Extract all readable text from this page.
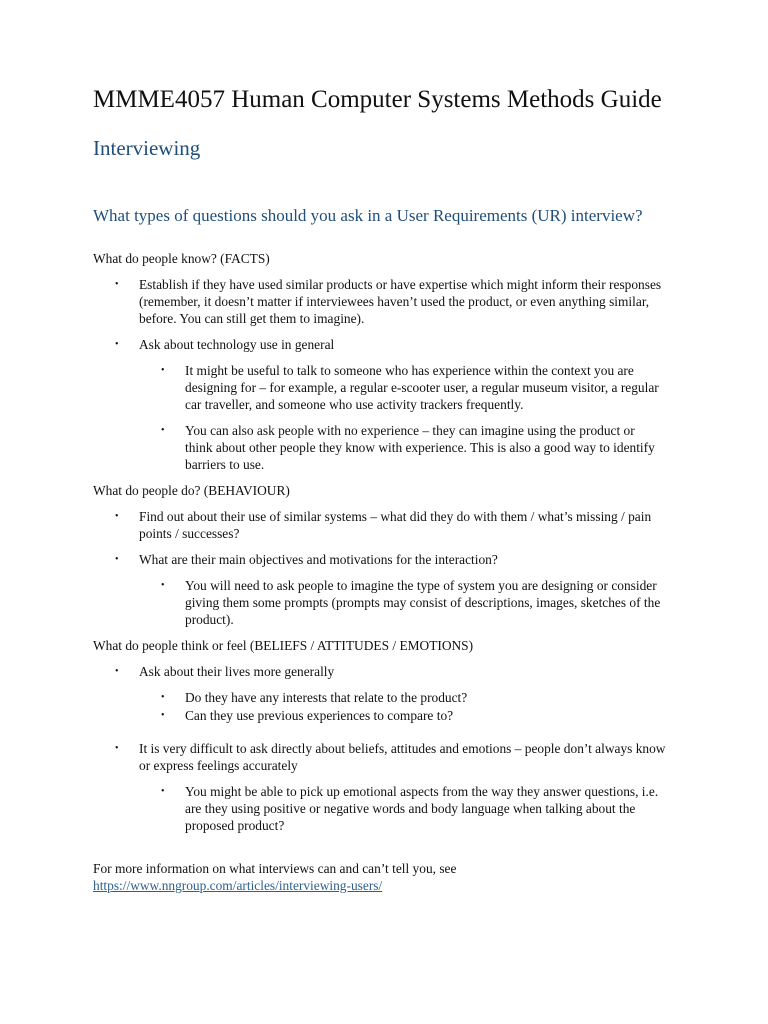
MMME4057 Human Computer Systems Methods Guide
Interviewing
What types of questions should you ask in a User Requirements (UR) interview?

What do people know? (FACTS)

• Establish if they have used similar products or have expertise which might inform their responses (remember, it doesn’t matter if interviewees haven’t used the product, or even anything similar, before. You can still get them to imagine).
• Ask about technology use in general
• It might be useful to talk to someone who has experience within the context you are designing for – for example, a regular e-scooter user, a regular museum visitor, a regular car traveller, and someone who use activity trackers frequently.
• You can also ask people with no experience – they can imagine using the product or think about other people they know with experience. This is also a good way to identify barriers to use.

What do people do? (BEHAVIOUR)

• Find out about their use of similar systems – what did they do with them / what’s missing / pain points / successes?
• What are their main objectives and motivations for the interaction?
• You will need to ask people to imagine the type of system you are designing or consider giving them some prompts (prompts may consist of descriptions, images, sketches of the product).

What do people think or feel (BELIEFS / ATTITUDES / EMOTIONS)

• Ask about their lives more generally
• Do they have any interests that relate to the product?
• Can they use previous experiences to compare to?
• It is very difficult to ask directly about beliefs, attitudes and emotions – people don’t always know or express feelings accurately
• You might be able to pick up emotional aspects from the way they answer questions, i.e. are they using positive or negative words and body language when talking about the proposed product?

For more information on what interviews can and can’t tell you, see

https://www.nngroup.com/articles/interviewing-users/
